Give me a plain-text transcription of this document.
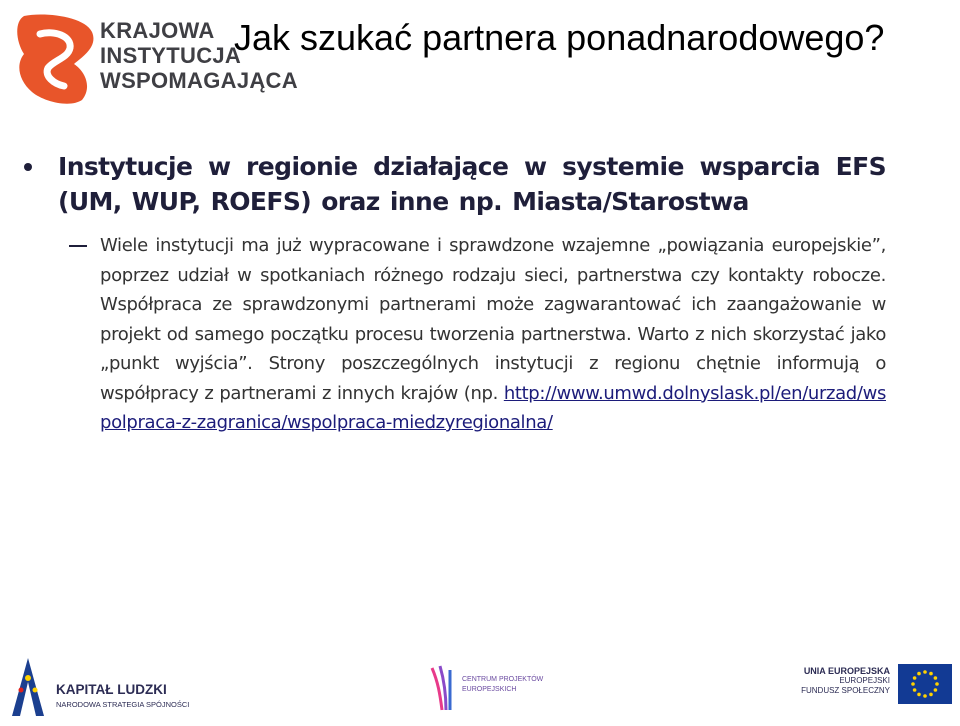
KRAJOWA
INSTYTUCJA
WSPOMAGAJĄCA
Jak szukać partnera ponadnarodowego?
Instytucje w regionie działające w systemie wsparcia EFS (UM, WUP, ROEFS) oraz inne np. Miasta/Starostwa
Wiele instytucji ma już wypracowane i sprawdzone wzajemne „powiązania europejskie”, poprzez udział w spotkaniach różnego rodzaju sieci, partnerstwa czy kontakty robocze. Współpraca ze sprawdzonymi partnerami może zagwarantować ich zaangażowanie w projekt od samego początku procesu tworzenia partnerstwa. Warto z nich skorzystać jako „punkt wyjścia”. Strony poszczególnych instytucji z regionu chętnie informują o współpracy z partnerami z innych krajów (np. http://www.umwd.dolnyslask.pl/en/urzad/wspolpraca-z-zagranica/wspolpraca-miedzyregionalna/
KAPITAŁ LUDZKI
NARODOWA STRATEGIA SPÓJNOŚCI
CENTRUM PROJEKTÓW
EUROPEJSKICH
UNIA EUROPEJSKA
EUROPEJSKI
FUNDUSZ SPOŁECZNY
